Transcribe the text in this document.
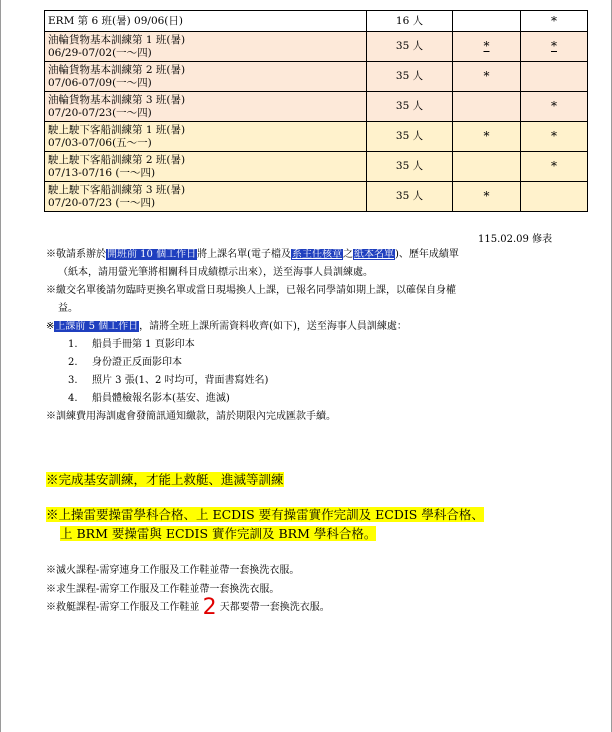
ERM 第 6 班(暑) 09/06(日)	16 人		*
油輪貨物基本訓練第 1 班(暑)
06/29-07/02(一～四)	35 人	*	*
油輪貨物基本訓練第 2 班(暑)
07/06-07/09(一～四)	35 人	*	
油輪貨物基本訓練第 3 班(暑)
07/20-07/23(一～四)	35 人		*
駛上駛下客船訓練第 1 班(暑)
07/03-07/06(五～一)	35 人	*	*
駛上駛下客船訓練第 2 班(暑)
07/13-07/16 (一～四)	35 人		*
駛上駛下客船訓練第 3 班(暑)
07/20-07/23 (一～四)	35 人	*	
115.02.09 修表

※敬請系辦於開班前 10 個工作日將上課名單(電子檔及系主任核章之紙本名單)、歷年成績單

（紙本，請用螢光筆將相關科目成績標示出來），送至海事人員訓練處。

※繳交名單後請勿臨時更換名單或當日現場換人上課，已報名同學請如期上課，以確保自身權

益。

※上課前 5 個工作日，請將全班上課所需資料收齊(如下)，送至海事人員訓練處：

1. 船員手冊第 1 頁影印本
2. 身份證正反面影印本
3. 照片 3 張(1、2 吋均可，背面書寫姓名)
4. 船員體檢報名影本(基安、進滅)

※訓練費用海訓處會發簡訊通知繳款，請於期限內完成匯款手續。

※完成基安訓練，才能上救艇、進滅等訓練
※上操雷要操雷學科合格、上 ECDIS 要有操雷實作完訓及 ECDIS 學科合格、
上 BRM 要操雷與 ECDIS 實作完訓及 BRM 學科合格。
※滅火課程-需穿連身工作服及工作鞋並帶一套換洗衣服。
※求生課程-需穿工作服及工作鞋並帶一套換洗衣服。
※救艇課程-需穿工作服及工作鞋並 2 天都要帶一套換洗衣服。
